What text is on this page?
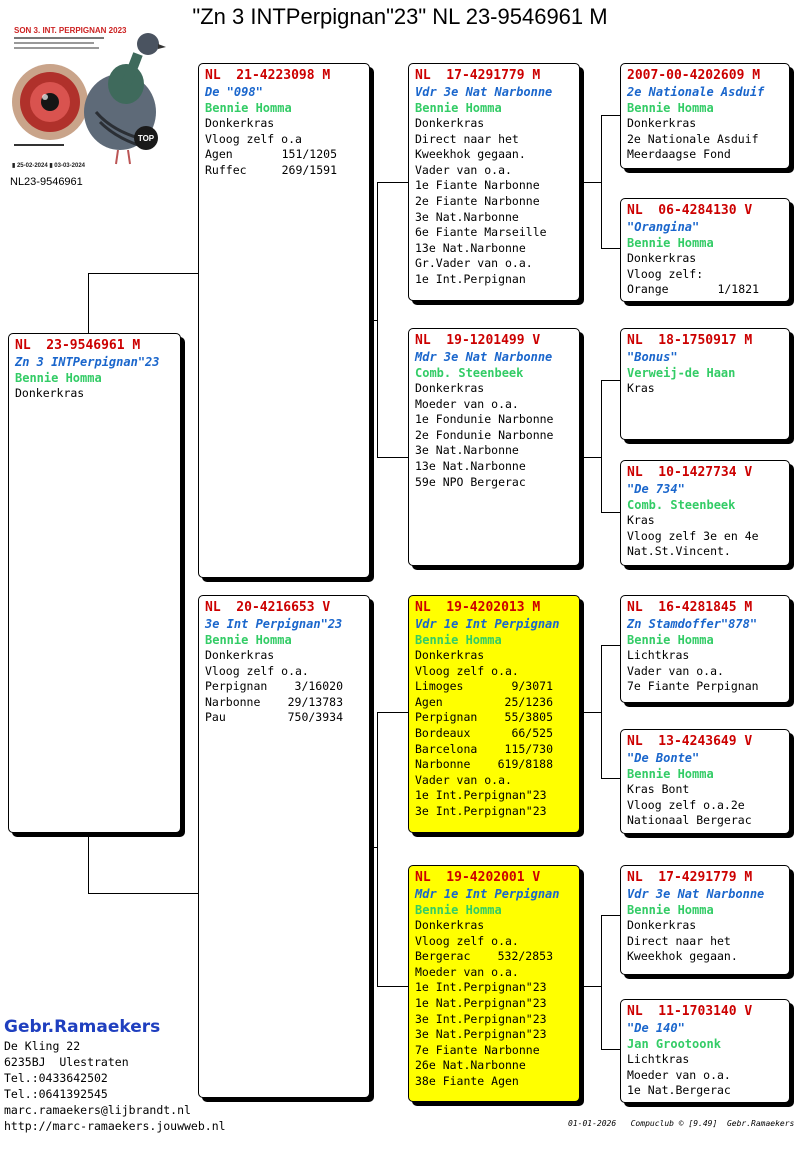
"Zn 3 INTPerpignan"23" NL 23-9546961 M
SON 3. INT. PERPIGNAN 2023
TOP
▮ 25-02-2024 ▮ 03-03-2024
NL23-9546961
NL  23-9546961 M
Zn 3 INTPerpignan"23
Bennie Homma
Donkerkras
NL  21-4223098 M
De "098"
Bennie Homma
Donkerkras
Vloog zelf o.a
Agen	151/1205
Ruffec	269/1591
NL  20-4216653 V
3e Int Perpignan"23
Bennie Homma
Donkerkras
Vloog zelf o.a.
Perpignan 3/16020
Narbonne 29/13783
Pau	750/3934
NL  17-4291779 M
Vdr 3e Nat Narbonne
Bennie Homma
Donkerkras
Direct naar het
Kweekhok gegaan.
Vader van o.a.
1e Fiante Narbonne
2e Fiante Narbonne
3e Nat.Narbonne
6e Fiante Marseille
13e Nat.Narbonne
Gr.Vader van o.a.
1e Int.Perpignan
NL  19-1201499 V
Mdr 3e Nat Narbonne
Comb. Steenbeek
Donkerkras
Moeder van o.a.
1e Fondunie Narbonne
2e Fondunie Narbonne
3e Nat.Narbonne
13e Nat.Narbonne
59e NPO Bergerac
NL  19-4202013 M
Vdr 1e Int Perpignan
Bennie Homma
Donkerkras
Vloog zelf o.a.
Limoges	9/3071
Agen	25/1236
Perpignan 55/3805
Bordeaux	66/525
Barcelona 115/730
Narbonne 619/8188
Vader van o.a.
1e Int.Perpignan"23
3e Int.Perpignan"23
NL  19-4202001 V
Mdr 1e Int Perpignan
Bennie Homma
Donkerkras
Vloog zelf o.a.
Bergerac 532/2853
Moeder van o.a.
1e Int.Perpignan"23
1e Nat.Perpignan"23
3e Int.Perpignan"23
3e Nat.Perpignan"23
7e Fiante Narbonne
26e Nat.Narbonne
38e Fiante Agen
2007-00-4202609 M
2e Nationale Asduif
Bennie Homma
Donkerkras
2e Nationale Asduif
Meerdaagse Fond
NL  06-4284130 V
"Orangina"
Bennie Homma
Donkerkras
Vloog zelf:
Orange	1/1821
NL  18-1750917 M
"Bonus"
Verweij-de Haan
Kras
NL  10-1427734 V
"De 734"
Comb. Steenbeek
Kras
Vloog zelf 3e en 4e
Nat.St.Vincent.
NL  16-4281845 M
Zn Stamdoffer"878"
Bennie Homma
Lichtkras
Vader van o.a.
7e Fiante Perpignan
NL  13-4243649 V
"De Bonte"
Bennie Homma
Kras Bont
Vloog zelf o.a.2e
Nationaal Bergerac
NL  17-4291779 M
Vdr 3e Nat Narbonne
Bennie Homma
Donkerkras
Direct naar het
Kweekhok gegaan.
NL  11-1703140 V
"De 140"
Jan Grootoonk
Lichtkras
Moeder van o.a.
1e Nat.Bergerac
Gebr.Ramaekers
De Kling 22
6235BJ  Ulestraten
Tel.:0433642502
Tel.:0641392545
marc.ramaekers@lijbrandt.nl
http://marc-ramaekers.jouwweb.nl	01-01-2026   Compuclub © [9.49]  Gebr.Ramaekers
